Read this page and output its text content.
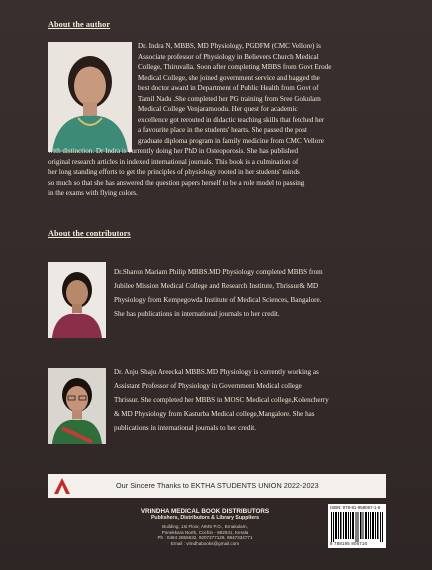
About the author

Dr. Indra N, MBBS, MD Physiology, PGDFM (CMC Vellore) is

Associate professor of Physiology in Believers Church Medical

College, Thiruvalla. Soon after completing MBBS from Govt Erode

Medical College, she joined government service and bagged the

best doctor award in Department of Public Health from Govt of

Tamil Nadu .She completed her PG training from Sree Gokulam

Medical College Venjaramoodu. Her quest for academic

excellence got rerouted in didactic teaching skills that fetched her

a favourite place in the students' hearts. She passed the post

graduate diploma program in family medicine from CMC Vellore

with distinction. Dr Indra is currently doing her PhD in Osteoporosis. She has published

original research articles in indexed international journals. This book is a culmination of

her long standing efforts to get the principles of physiology rooted in her students' minds

so much so that she has answered the question papers herself to be a role model to passing

in the exams with flying colors.

About the contributors

Dr.Sharon Mariam Philip MBBS.MD Physiology completed MBBS from

Jubilee Mission Medical College and Research Institute, Thrissur& MD

Physiology from Kempegowda Institute of Medical Sciences, Bangalore.

She has publications in international journals to her credit.

Dr. Anju Shaju Areeckal MBBS.MD Physiology is currently working as

Assistant Professor of Physiology in Government Medical college

Thrissur. She completed her MBBS in MOSC Medical college,Kolencherry

& MD Physiology from Kasturba Medical college,Mangalore. She has

publications in international journals to her credit.

Our Sincere Thanks to EKTHA STUDENTS UNION 2022-2023
VRINDHA MEDICAL BOOK DISTRIBUTORS
Publishers, Distributors & Library Suppliers
Building, 1st Floor, AIMS P.O., Ernakulam,
Ponekkara North, Cochin - 682041, Kerala
Ph : 0484 2855632, 9207277128, 9847334771
Email : vrindhabooks@gmail.com
ISBN: 978-81-958067-1-6
9 788195 806716
